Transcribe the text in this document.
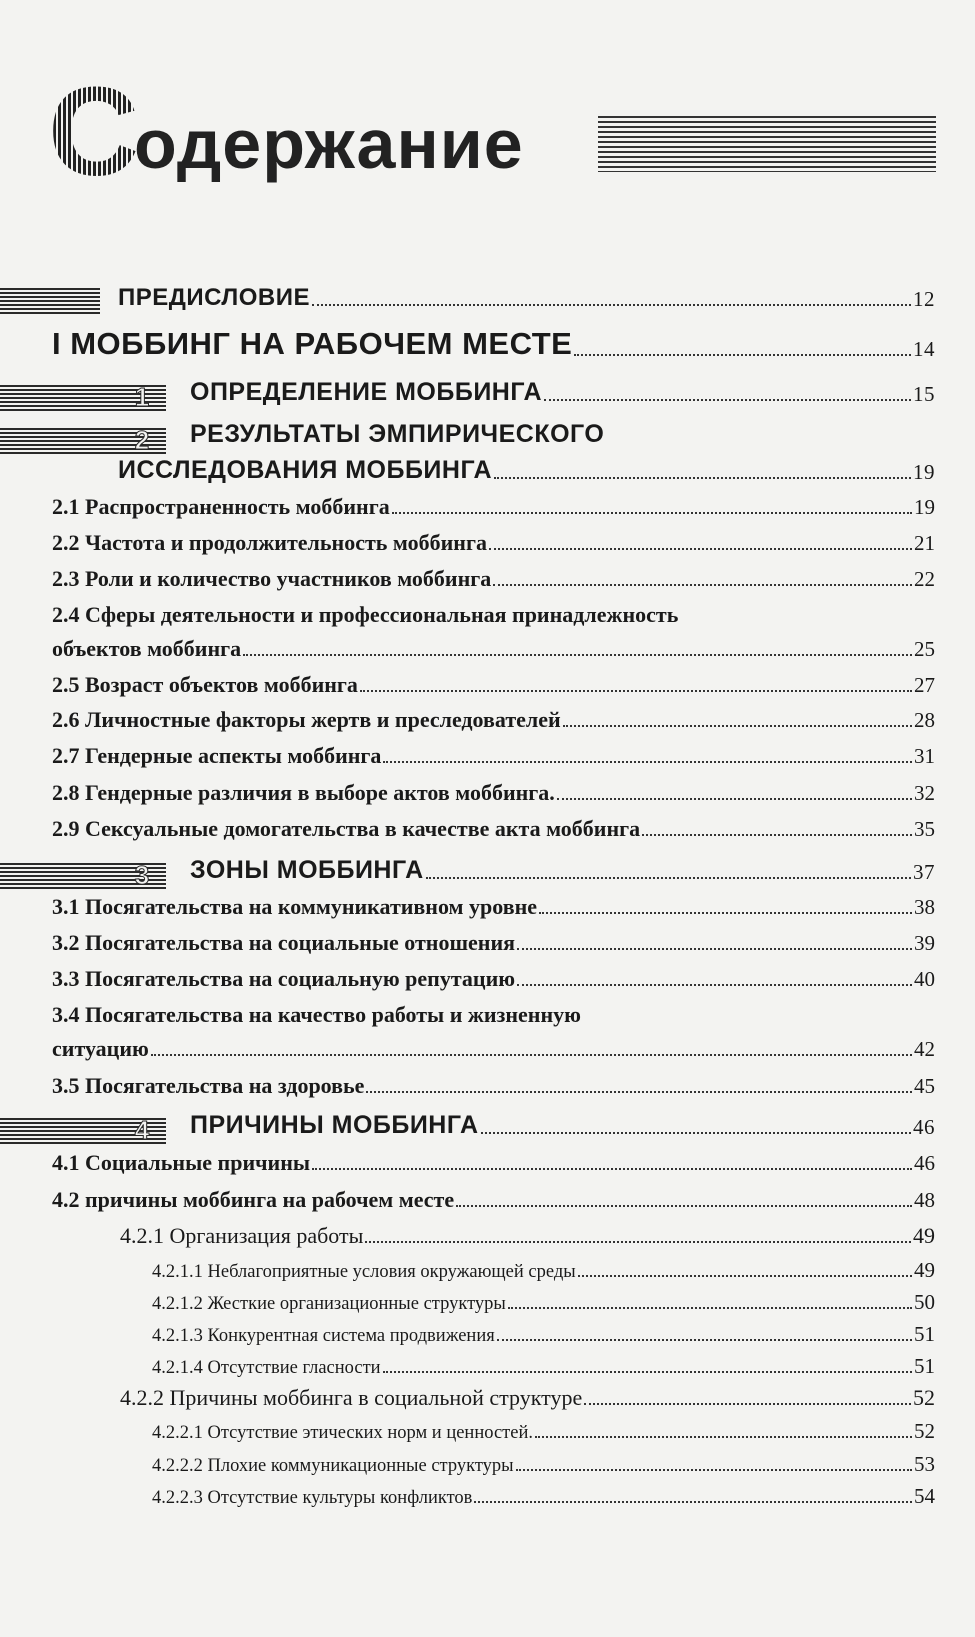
С
одержание
ПРЕДИСЛОВИЕ	12
I МОББИНГ НА РАБОЧЕМ МЕСТЕ	14
1	ОПРЕДЕЛЕНИЕ МОББИНГА	15
2	РЕЗУЛЬТАТЫ ЭМПИРИЧЕСКОГО
ИССЛЕДОВАНИЯ МОББИНГА	19
2.1 Распространенность моббинга	19
2.2 Частота и продолжительность моббинга	21
2.3 Роли и количество участников моббинга	22
2.4 Сферы деятельности и профессиональная принадлежность
объектов моббинга	25
2.5 Возраст объектов моббинга	27
2.6 Личностные факторы жертв и преследователей	28
2.7 Гендерные аспекты моббинга	31
2.8 Гендерные различия в выборе актов моббинга.	32
2.9 Сексуальные домогательства в качестве акта моббинга	35
3	ЗОНЫ МОББИНГА	37
3.1 Посягательства на коммуникативном уровне	38
3.2 Посягательства на социальные отношения	39
3.3 Посягательства на социальную репутацию	40
3.4 Посягательства на качество работы и жизненную
ситуацию	42
3.5 Посягательства на здоровье	45
4	ПРИЧИНЫ МОББИНГА	46
4.1 Социальные причины	46
4.2 причины моббинга на рабочем месте	48
4.2.1 Организация работы	49
4.2.1.1 Неблагоприятные условия окружающей среды	49
4.2.1.2 Жесткие организационные структуры	50
4.2.1.3 Конкурентная система продвижения	51
4.2.1.4 Отсутствие гласности	51
4.2.2 Причины моббинга в социальной структуре	52
4.2.2.1 Отсутствие этических норм и ценностей.	52
4.2.2.2 Плохие коммуникационные структуры	53
4.2.2.3 Отсутствие культуры конфликтов	54
